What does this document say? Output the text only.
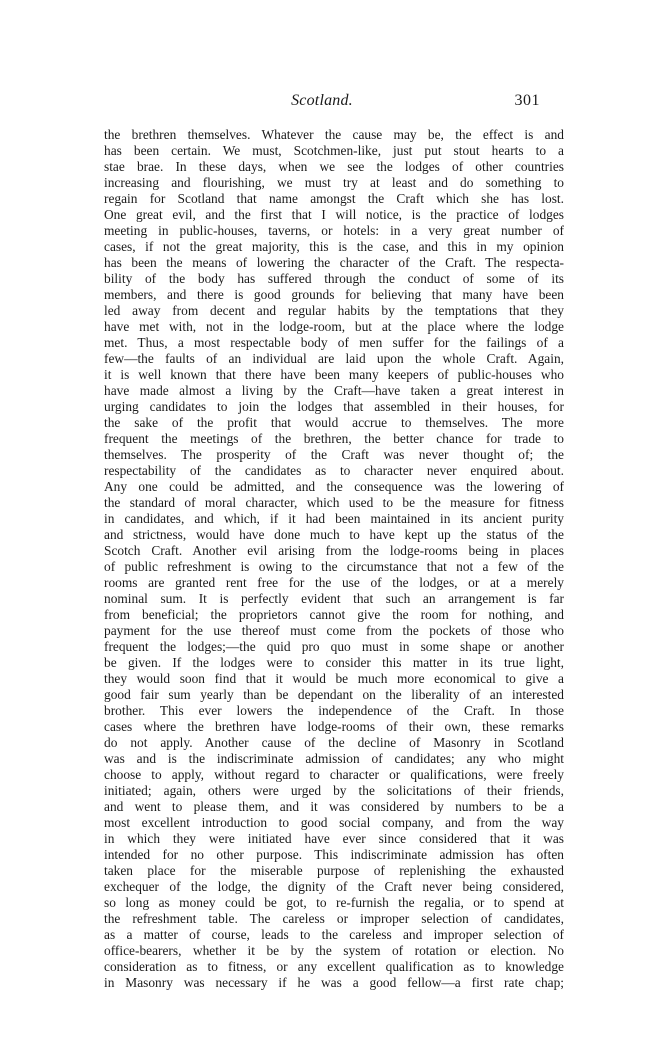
Scotland.	301
the brethren themselves. Whatever the cause may be, the effect is and
has been certain. We must, Scotchmen-like, just put stout hearts to a
stae brae. In these days, when we see the lodges of other countries
increasing and flourishing, we must try at least and do something to
regain for Scotland that name amongst the Craft which she has lost.
One great evil, and the first that I will notice, is the practice of lodges
meeting in public-houses, taverns, or hotels: in a very great number of
cases, if not the great majority, this is the case, and this in my opinion
has been the means of lowering the character of the Craft. The respecta-
bility of the body has suffered through the conduct of some of its
members, and there is good grounds for believing that many have been
led away from decent and regular habits by the temptations that they
have met with, not in the lodge-room, but at the place where the lodge
met. Thus, a most respectable body of men suffer for the failings of a
few—the faults of an individual are laid upon the whole Craft. Again,
it is well known that there have been many keepers of public-houses who
have made almost a living by the Craft—have taken a great interest in
urging candidates to join the lodges that assembled in their houses, for
the sake of the profit that would accrue to themselves. The more
frequent the meetings of the brethren, the better chance for trade to
themselves. The prosperity of the Craft was never thought of; the
respectability of the candidates as to character never enquired about.
Any one could be admitted, and the consequence was the lowering of
the standard of moral character, which used to be the measure for fitness
in candidates, and which, if it had been maintained in its ancient purity
and strictness, would have done much to have kept up the status of the
Scotch Craft. Another evil arising from the lodge-rooms being in places
of public refreshment is owing to the circumstance that not a few of the
rooms are granted rent free for the use of the lodges, or at a merely
nominal sum. It is perfectly evident that such an arrangement is far
from beneficial; the proprietors cannot give the room for nothing, and
payment for the use thereof must come from the pockets of those who
frequent the lodges;—the quid pro quo must in some shape or another
be given. If the lodges were to consider this matter in its true light,
they would soon find that it would be much more economical to give a
good fair sum yearly than be dependant on the liberality of an interested
brother. This ever lowers the independence of the Craft. In those
cases where the brethren have lodge-rooms of their own, these remarks
do not apply. Another cause of the decline of Masonry in Scotland
was and is the indiscriminate admission of candidates; any who might
choose to apply, without regard to character or qualifications, were freely
initiated; again, others were urged by the solicitations of their friends,
and went to please them, and it was considered by numbers to be a
most excellent introduction to good social company, and from the way
in which they were initiated have ever since considered that it was
intended for no other purpose. This indiscriminate admission has often
taken place for the miserable purpose of replenishing the exhausted
exchequer of the lodge, the dignity of the Craft never being considered,
so long as money could be got, to re-furnish the regalia, or to spend at
the refreshment table. The careless or improper selection of candidates,
as a matter of course, leads to the careless and improper selection of
office-bearers, whether it be by the system of rotation or election. No
consideration as to fitness, or any excellent qualification as to knowledge
in Masonry was necessary if he was a good fellow—a first rate chap;
